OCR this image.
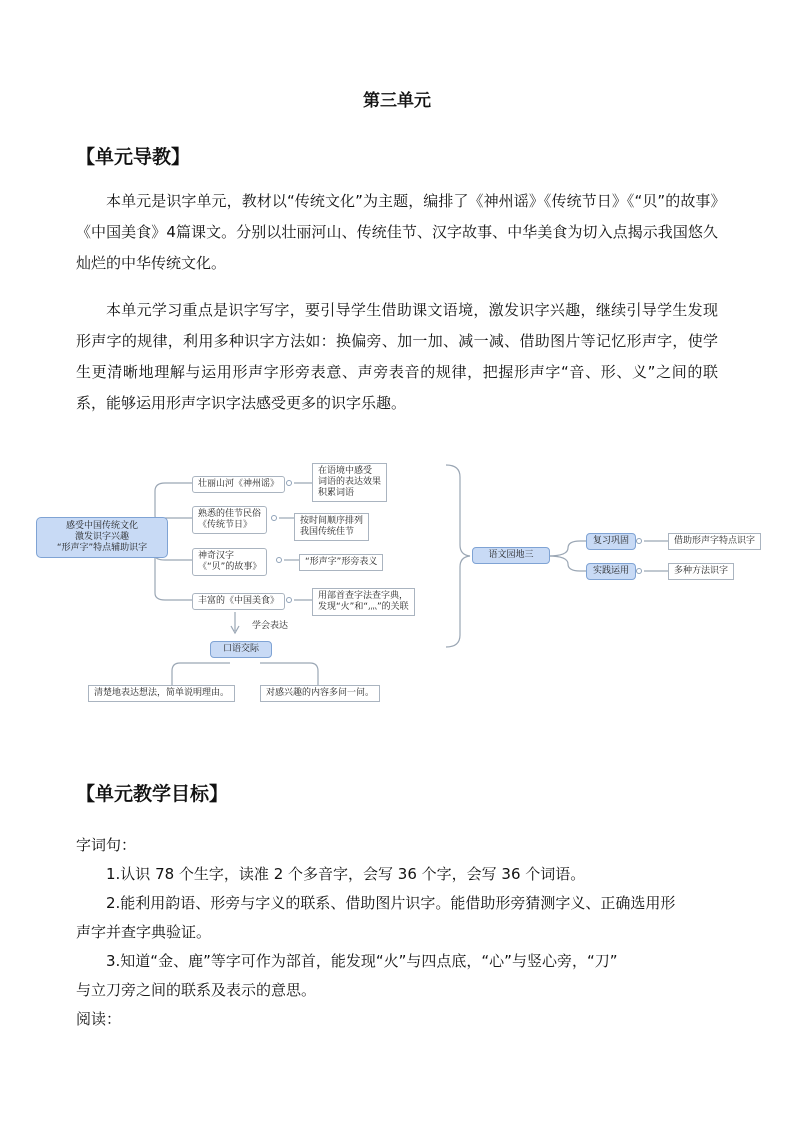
第三单元
【单元导教】

本单元是识字单元，教材以“传统文化”为主题，编排了《神州谣》《传统节日》《“贝”的故事》《中国美食》4篇课文。分别以壮丽河山、传统佳节、汉字故事、中华美食为切入点揭示我国悠久灿烂的中华传统文化。

本单元学习重点是识字写字，要引导学生借助课文语境，激发识字兴趣，继续引导学生发现形声字的规律，利用多种识字方法如：换偏旁、加一加、减一减、借助图片等记忆形声字，使学生更清晰地理解与运用形声字形旁表意、声旁表音的规律，把握形声字“音、形、义”之间的联系，能够运用形声字识字法感受更多的识字乐趣。

感受中国传统文化
激发识字兴趣
“形声字”特点辅助识字
壮丽山河《神州谣》
熟悉的佳节民俗
《传统节日》
神奇汉字
《“贝”的故事》
丰富的《中国美食》
在语境中感受
词语的表达效果
积累词语
按时间顺序排列
我国传统佳节
“形声字”形旁表义
用部首查字法查字典，
发现“火”和“灬”的关联
学会表达
口语交际
清楚地表达想法，简单说明理由。	对感兴趣的内容多问一问。
语文园地三
复习巩固
实践运用
借助形声字特点识字
多种方法识字
【单元教学目标】

字词句：

1.认识 78 个生字，读准 2 个多音字，会写 36 个字，会写 36 个词语。

2.能利用韵语、形旁与字义的联系、借助图片识字。能借助形旁猜测字义、正确选用形

声字并查字典验证。

3.知道“金、鹿”等字可作为部首，能发现“火”与四点底，“心”与竖心旁，“刀”

与立刀旁之间的联系及表示的意思。

阅读：
